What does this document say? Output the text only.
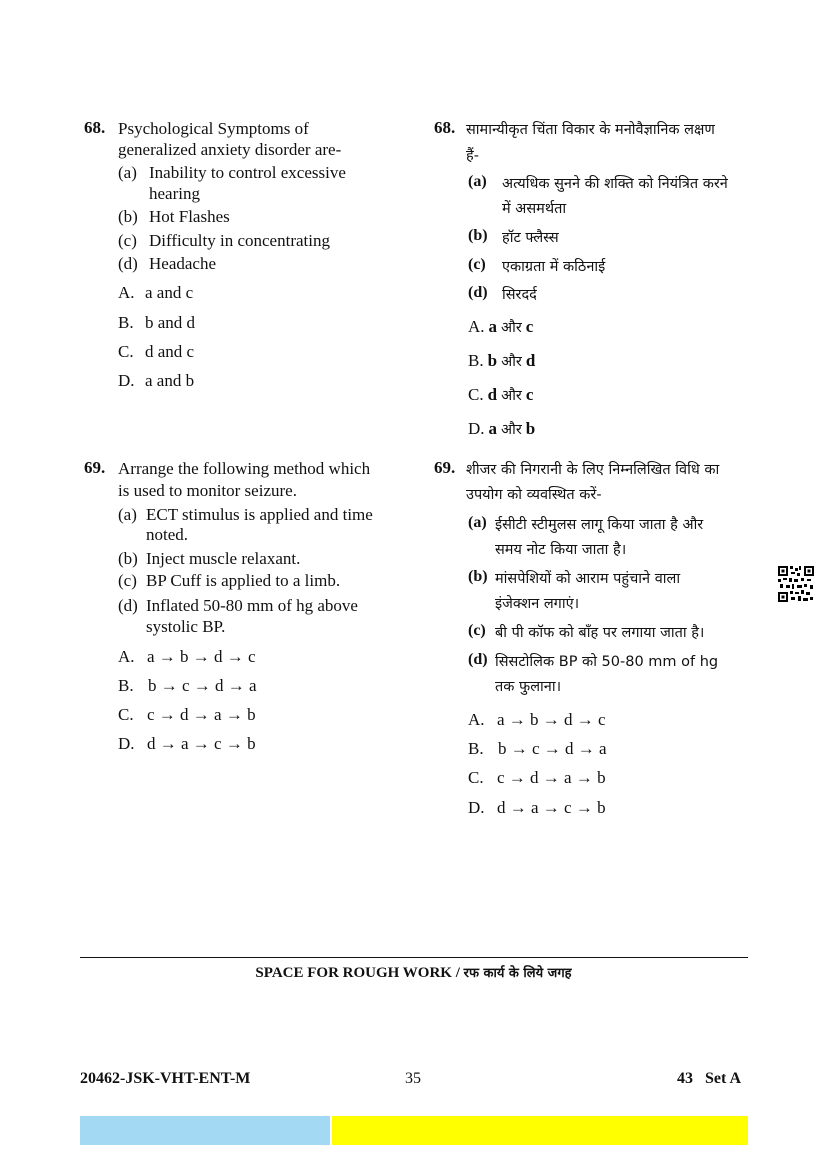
68. Psychological Symptoms of
generalized anxiety disorder are-
(a) Inability to control excessive
hearing
(b) Hot Flashes
(c) Difficulty in concentrating
(d) Headache
A. a and c
B. b and d
C. d and c
D. a and b
68. सामान्यीकृत चिंता विकार के मनोवैज्ञानिक लक्षण
हैं-
(a) अत्यधिक सुनने की शक्ति को नियंत्रित करने
में असमर्थता
(b) हॉट फ्लैस्स
(c) एकाग्रता में कठिनाई
(d) सिरदर्द
A. a और c
B. b और d
C. d और c
D. a और b
69. Arrange the following method which
is used to monitor seizure.
(a) ECT stimulus is applied and time
noted.
(b) Inject muscle relaxant.
(c) BP Cuff is applied to a limb.
(d) Inflated 50-80 mm of hg above
systolic BP.
A. a → b → d → c
B. b → c → d → a
C. c → d → a → b
D. d → a → c → b
69. शीजर की निगरानी के लिए निम्नलिखित विधि का
उपयोग को व्यवस्थित करें-
(a) ईसीटी स्टीमुलस लागू किया जाता है और
समय नोट किया जाता है।
(b) मांसपेशियों को आराम पहुंचाने वाला
इंजेक्शन लगाएं।
(c) बी पी कॉफ को बाँह पर लगाया जाता है।
(d) सिसटोलिक BP को 50-80 mm of hg
तक फुलाना।
A. a → b → d → c
B. b → c → d → a
C. c → d → a → b
D. d → a → c → b
SPACE FOR ROUGH WORK / रफ कार्य के लिये जगह
20462-JSK-VHT-ENT-M	35	43   Set A
